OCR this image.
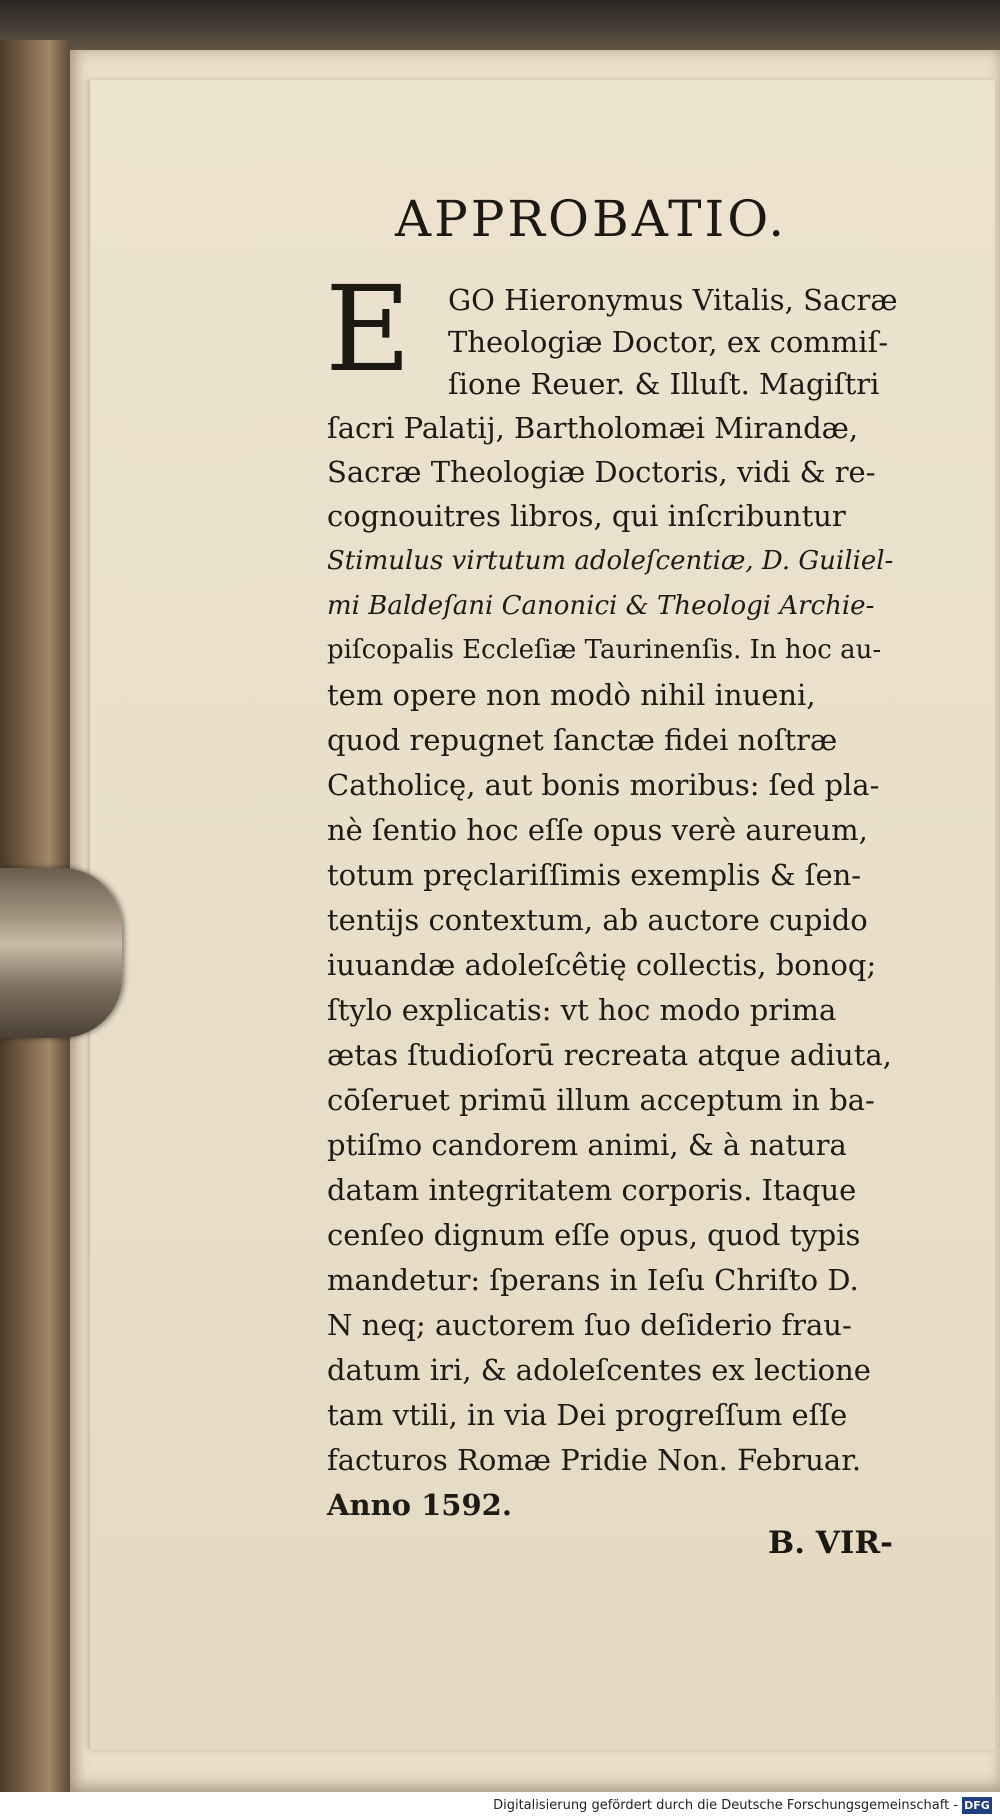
APPROBATIO.
E GO Hieronymus Vitalis, Sacræ
Theologiæ Doctor, ex commiſ-
ſione Reuer. & Illuſt. Magiſtri
ſacri Palatij, Bartholomæi Mirandæ,
Sacræ Theologiæ Doctoris, vidi & re-
cognouitres libros, qui inſcribuntur
Stimulus virtutum adoleſcentiæ, D. Guiliel-
mi Baldeſani Canonici & Theologi Archie-
piſcopalis Eccleſiæ Taurinenſis. In hoc au-
tem opere non modò nihil inueni,
quod repugnet ſanctæ fidei noſtræ
Catholicę, aut bonis moribus: ſed pla-
nè ſentio hoc eſſe opus verè aureum,
totum pręclariſſimis exemplis & ſen-
tentijs contextum, ab auctore cupido
iuuandæ adoleſcêtię collectis, bonoq;
ſtylo explicatis: vt hoc modo prima
ætas ſtudioſorū recreata atque adiuta,
cōſeruet primū illum acceptum in ba-
ptiſmo candorem animi, & à natura
datam integritatem corporis. Itaque
cenſeo dignum eſſe opus, quod typis
mandetur: ſperans in Ieſu Chriſto D.
N neq; auctorem ſuo deſiderio frau-
datum iri, & adoleſcentes ex lectione
tam vtili, in via Dei progreſſum eſſe
facturos Romæ Pridie Non. Februar.
Anno 1592.
B. VIR-
Digitalisierung gefördert durch die Deutsche Forschungsgemeinschaft - DFG
